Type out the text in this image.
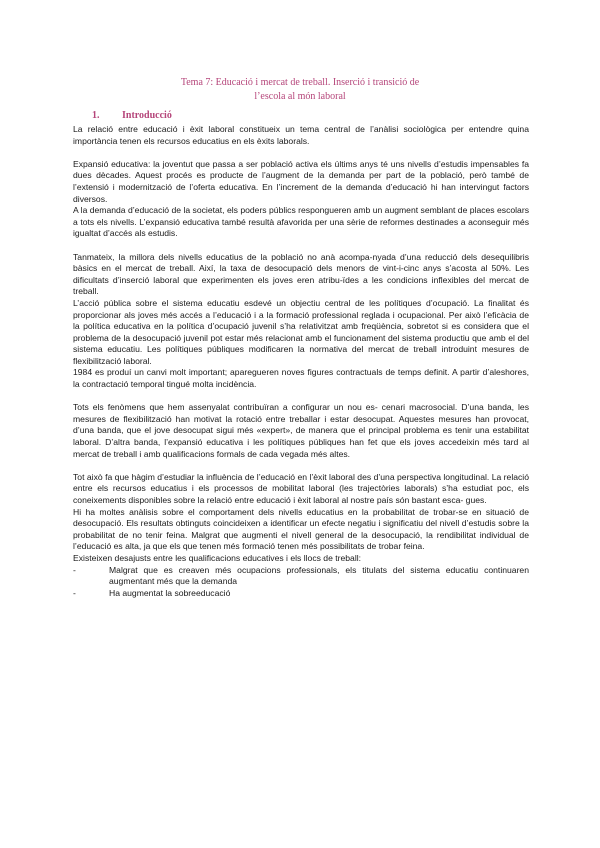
Tema 7: Educació i mercat de treball. Inserció i transició de
l’escola al món laboral
1. Introducció

La relació entre educació i èxit laboral constitueix un tema central de l’anàlisi sociològica per entendre quina importància tenen els recursos educatius en els èxits laborals.

Expansió educativa: la joventut que passa a ser població activa els últims anys té uns nivells d’estudis impensables fa dues dècades. Aquest procés es producte de l’augment de la demanda per part de la població, però també de l’extensió i modernització de l’oferta educativa. En l’increment de la demanda d’educació hi han intervingut factors diversos.

A la demanda d’educació de la societat, els poders públics respongueren amb un augment semblant de places escolars a tots els nivells. L’expansió educativa també resultà afavorida per una sèrie de reformes destinades a aconseguir més igualtat d’accés als estudis.

Tanmateix, la millora dels nivells educatius de la població no anà acompa-nyada d’una reducció dels desequilibris bàsics en el mercat de treball. Així, la taxa de desocupació dels menors de vint-i-cinc anys s’acosta al 50%. Les dificultats d’inserció laboral que experimenten els joves eren atribu-ïdes a les condicions inflexibles del mercat de treball.

L’acció pública sobre el sistema educatiu esdevé un objectiu central de les polítiques d’ocupació. La finalitat és proporcionar als joves més accés a l’educació i a la formació professional reglada i ocupacional. Per això l’eficàcia de la política educativa en la política d’ocupació juvenil s’ha relativitzat amb freqüència, sobretot si es considera que el problema de la desocupació juvenil pot estar més relacionat amb el funcionament del sistema productiu que amb el del sistema educatiu. Les polítiques públiques modificaren la normativa del mercat de treball introduint mesures de flexibilització laboral.

1984 es produí un canvi molt important; aparegueren noves figures contractuals de temps definit. A partir d’aleshores, la contractació temporal tingué molta incidència.

Tots els fenòmens que hem assenyalat contribuïran a configurar un nou es- cenari macrosocial. D’una banda, les mesures de flexibilització han motivat la rotació entre treballar i estar desocupat. Aquestes mesures han provocat, d’una banda, que el jove desocupat sigui més «expert», de manera que el principal problema es tenir una estabilitat laboral. D’altra banda, l’expansió educativa i les polítiques públiques han fet que els joves accedeixin més tard al mercat de treball i amb qualificacions formals de cada vegada més altes.

Tot això fa que hàgim d’estudiar la influència de l’educació en l’èxit laboral des d’una perspectiva longitudinal. La relació entre els recursos educatius i els processos de mobilitat laboral (les trajectòries laborals) s’ha estudiat poc, els coneixements disponibles sobre la relació entre educació i èxit laboral al nostre país són bastant esca- gues.

Hi ha moltes anàlisis sobre el comportament dels nivells educatius en la probabilitat de trobar-se en situació de desocupació. Els resultats obtinguts coincideixen a identificar un efecte negatiu i significatiu del nivell d’estudis sobre la probabilitat de no tenir feina. Malgrat que augmenti el nivell general de la desocupació, la rendibilitat individual de l’educació es alta, ja que els que tenen més formació tenen més possibilitats de trobar feina.

Existeixen desajusts entre les qualificacions educatives i els llocs de treball:

-	Malgrat que es creaven més ocupacions professionals, els titulats del sistema educatiu continuaren augmentant més que la demanda
-	Ha augmentat la sobreeducació
